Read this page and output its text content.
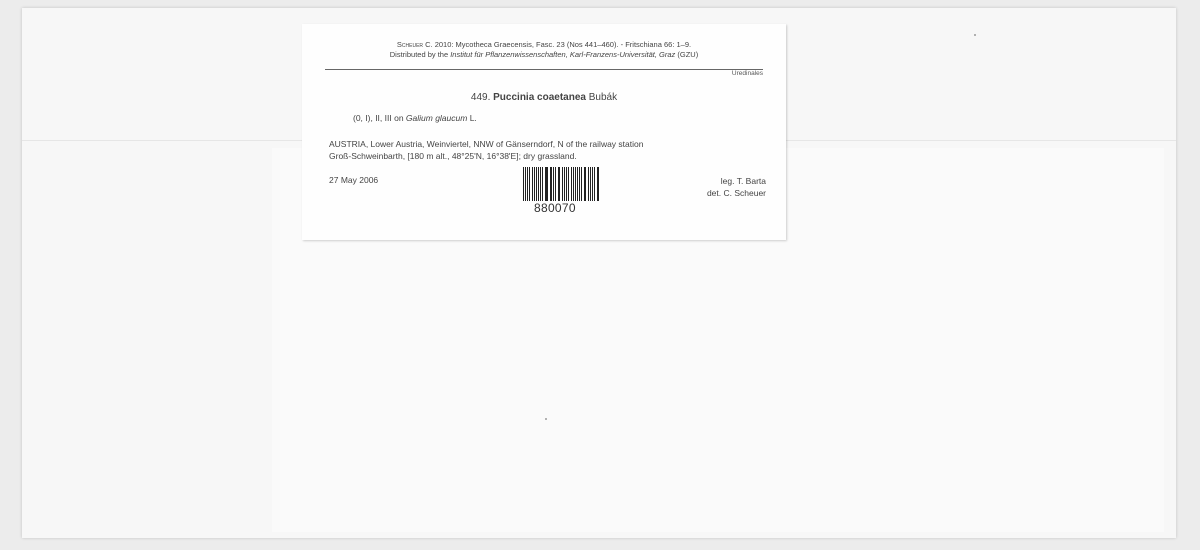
Scheuer C. 2010: Mycotheca Graecensis, Fasc. 23 (Nos 441–460). - Fritschiana 66: 1–9.
Distributed by the Institut für Pflanzenwissenschaften, Karl-Franzens-Universität, Graz (GZU)
Uredinales
449. Puccinia coaetanea Bubák
(0, I), II, III on Galium glaucum L.
AUSTRIA, Lower Austria, Weinviertel, NNW of Gänserndorf, N of the railway station
Groß-Schweinbarth, [180 m alt., 48°25'N, 16°38'E]; dry grassland.
27 May 2006	leg. T. Barta
det. C. Scheuer
880070
